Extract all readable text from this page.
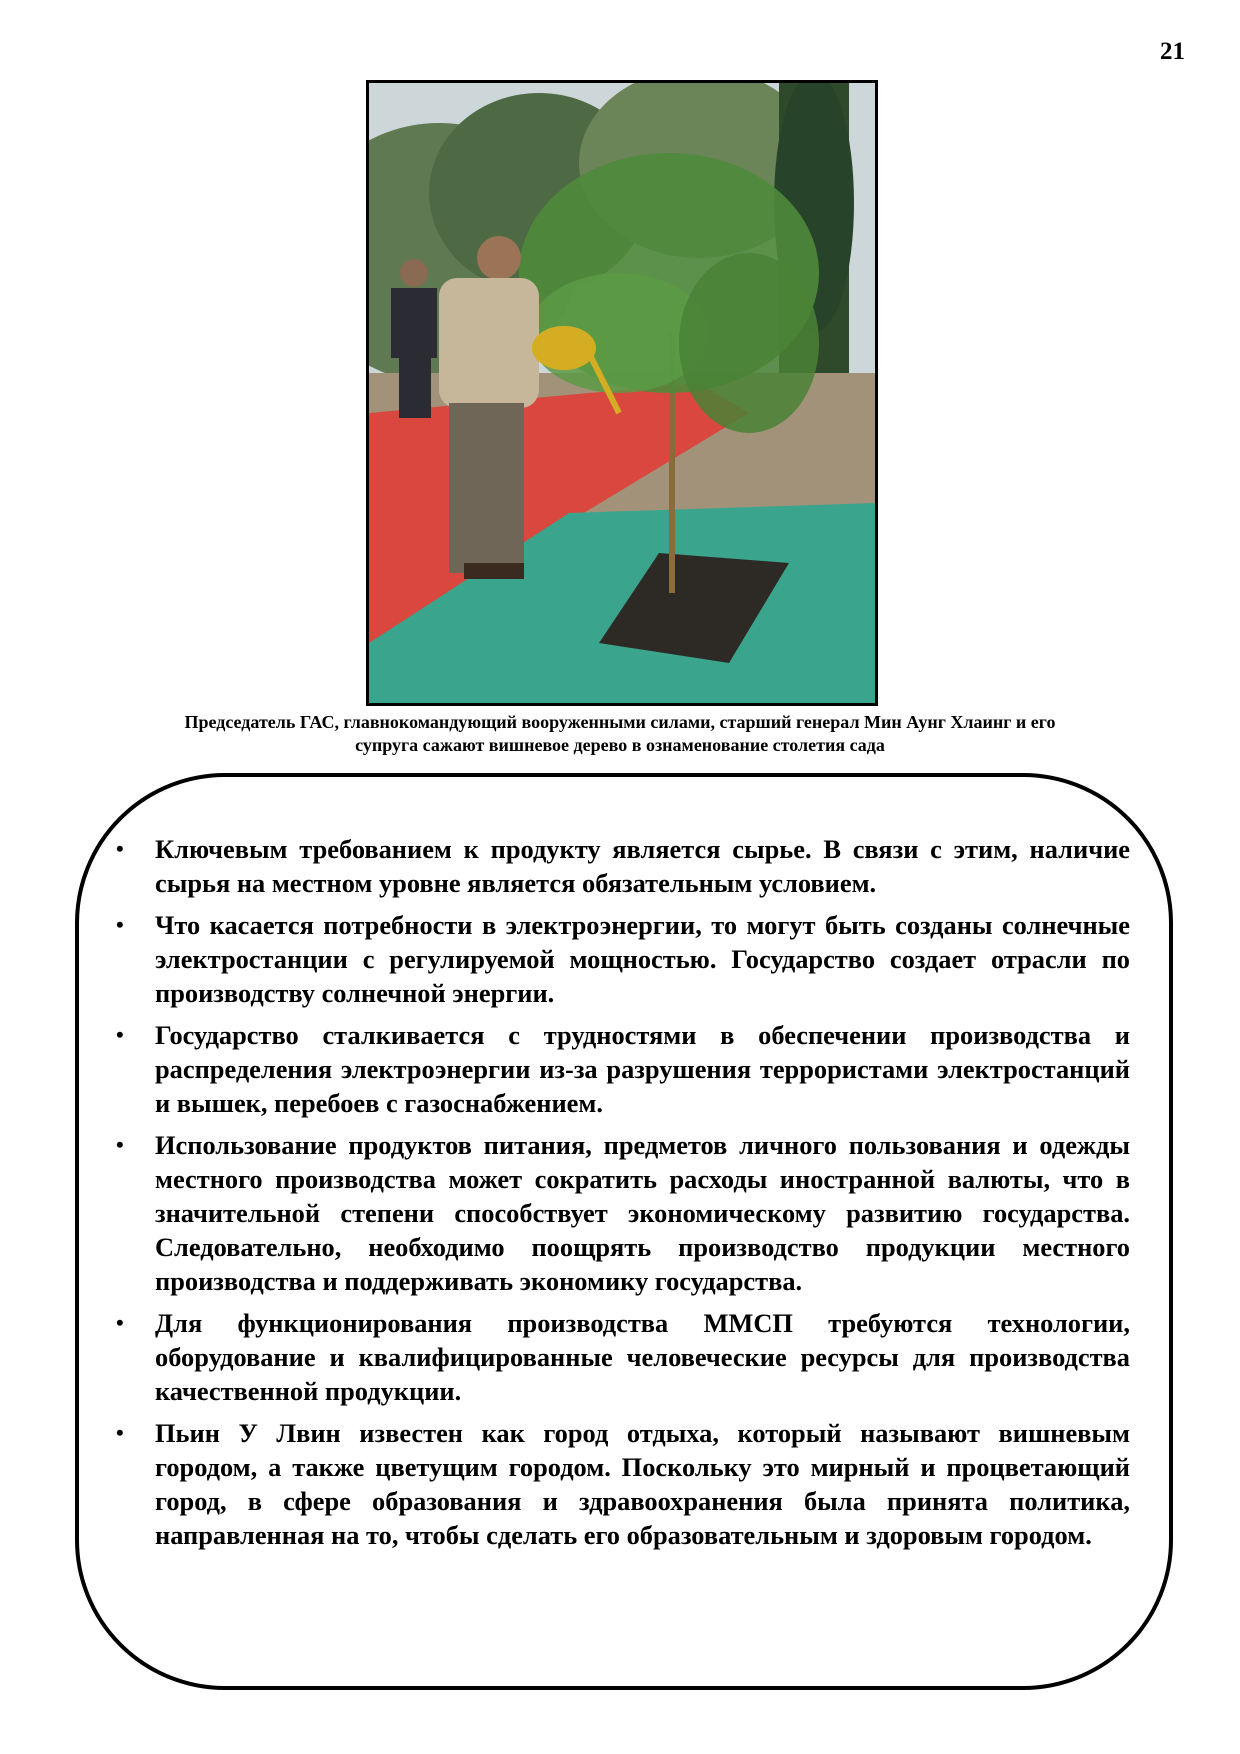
21
Председатель ГАС, главнокомандующий вооруженными силами, старший генерал Мин Аунг Хлаинг и его
супруга сажают вишневое дерево в ознаменование столетия сада
• Ключевым требованием к продукту является сырье. В связи с этим, наличие сырья на местном уровне является обязательным условием.
• Что касается потребности в электроэнергии, то могут быть созданы солнечные электростанции с регулируемой мощностью. Государство создает отрасли по производству солнечной энергии.
• Государство сталкивается с трудностями в обеспечении производства и распределения электроэнергии из-за разрушения террористами электростанций и вышек, перебоев с газоснабжением.
• Использование продуктов питания, предметов личного пользования и одежды местного производства может сократить расходы иностранной валюты, что в значительной степени способствует экономическому развитию государства. Следовательно, необходимо поощрять производство продукции местного производства и поддерживать экономику государства.
• Для функционирования производства ММСП требуются технологии, оборудование и квалифицированные человеческие ресурсы для производства качественной продукции.
• Пьин У Лвин известен как город отдыха, который называют вишневым городом, а также цветущим городом. Поскольку это мирный и процветающий город, в сфере образования и здравоохранения была принята политика, направленная на то, чтобы сделать его образовательным и здоровым городом.
